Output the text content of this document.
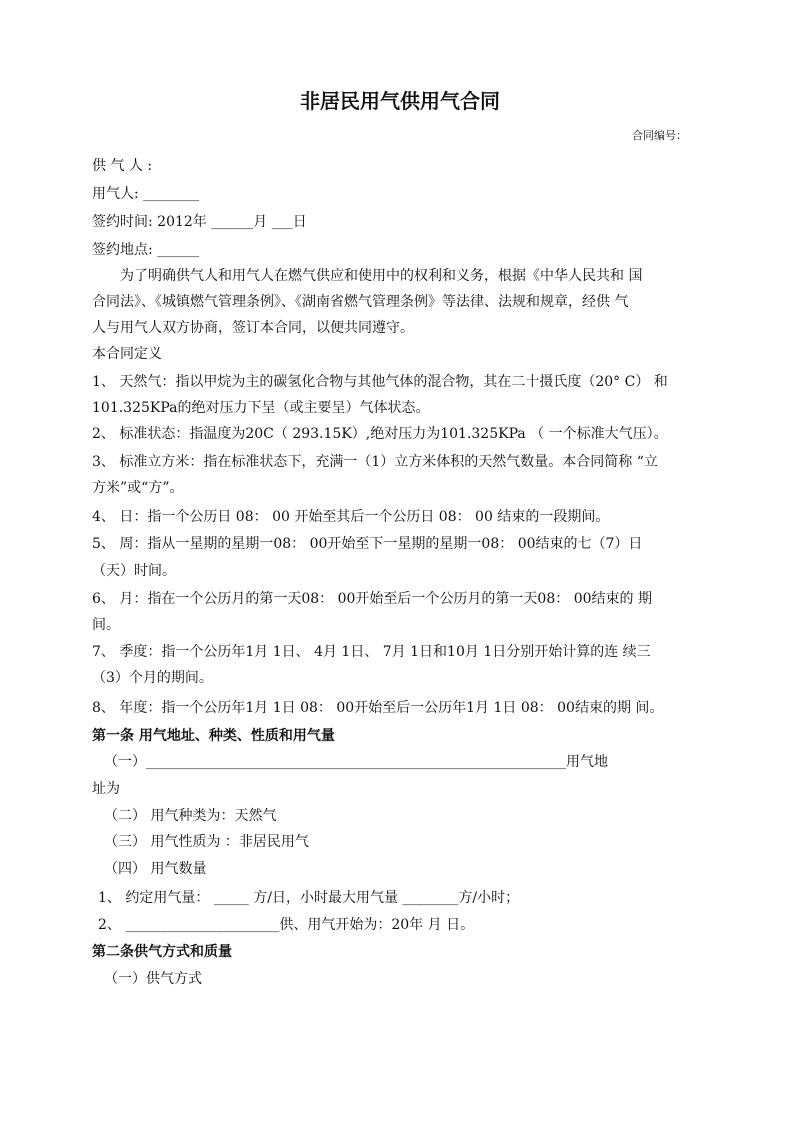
非居民用气供用气合同
合同编号：
供 气 人 :
用气人: ________
签约时间: 2012年 ______月 ___日
签约地点: ______
为了明确供气人和用气人在燃气供应和使用中的权利和义务，根据《中华人民共和 国
合同法》、《城镇燃气管理条例》、《湖南省燃气管理条例》等法律、法规和规章，经供 气
人与用气人双方协商，签订本合同，以便共同遵守。
本合同定义
1、 天然气：指以甲烷为主的碳氢化合物与其他气体的混合物，其在二十摄氏度（20° C） 和
101.325KPa的绝对压力下呈（或主要呈）气体状态。
2、 标准状态：指温度为20C（ 293.15K）,绝对压力为101.325KPa （ 一个标准大气压）。
3、 标准立方米：指在标准状态下，充满一（1）立方米体积的天然气数量。本合同简称 “立
方米”或“方”。
4、 日：指一个公历日 08： 00 开始至其后一个公历日 08： 00 结束的一段期间。
5、 周：指从一星期的星期一08： 00开始至下一星期的星期一08： 00结束的七（7）日
（天）时间。
6、 月：指在一个公历月的第一天08： 00开始至后一个公历月的第一天08： 00结束的 期
间。
7、 季度：指一个公历年1月 1日、 4月 1日、 7月 1日和10月 1日分别开始计算的连 续三
（3）个月的期间。
8、 年度：指一个公历年1月 1日 08： 00开始至后一公历年1月 1日 08： 00结束的期 间。
第一条 用气地址、种类、性质和用气量
（一）____________________________________________________________用气地
址为
（二） 用气种类为：天然气
（三） 用气性质为 ：非居民用气
（四） 用气数量
1、 约定用气量： _____ 方/日，小时最大用气量 ________方/小时；
2、 ______________________供、用气开始为：20年 月 日。
第二条供气方式和质量
（一）供气方式
